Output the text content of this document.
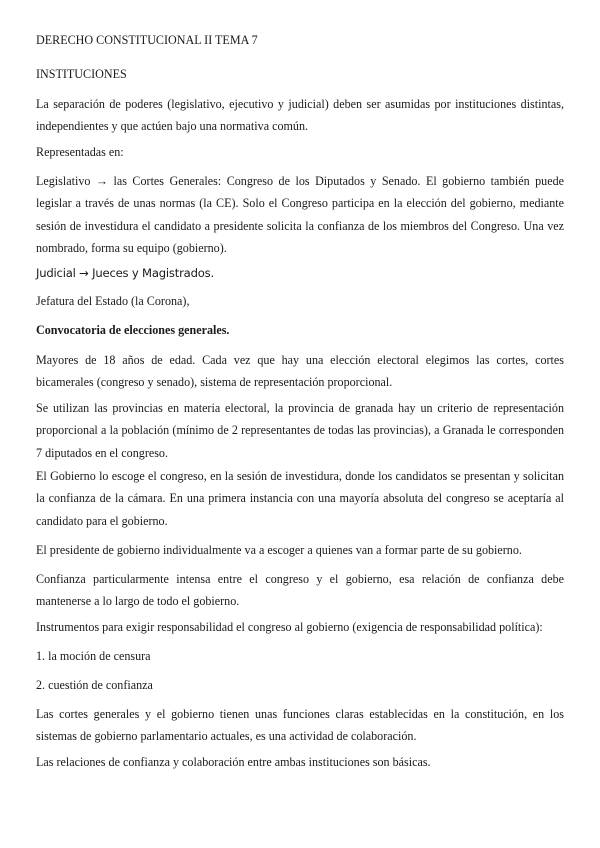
DERECHO CONSTITUCIONAL II TEMA 7

INSTITUCIONES

La separación de poderes (legislativo, ejecutivo y judicial) deben ser asumidas por instituciones distintas, independientes y que actúen bajo una normativa común.

Representadas en:

Legislativo → las Cortes Generales: Congreso de los Diputados y Senado. El gobierno también puede legislar a través de unas normas (la CE). Solo el Congreso participa en la elección del gobierno, mediante sesión de investidura el candidato a presidente solicita la confianza de los miembros del Congreso. Una vez nombrado, forma su equipo (gobierno).

Judicial → Jueces y Magistrados.

Jefatura del Estado (la Corona),

Convocatoria de elecciones generales.

Mayores de 18 años de edad. Cada vez que hay una elección electoral elegimos las cortes, cortes bicamerales (congreso y senado), sistema de representación proporcional.

Se utilizan las provincias en materia electoral, la provincia de granada hay un criterio de representación proporcional a la población (mínimo de 2 representantes de todas las provincias), a Granada le corresponden 7 diputados en el congreso.

El Gobierno lo escoge el congreso, en la sesión de investidura, donde los candidatos se presentan y solicitan la confianza de la cámara. En una primera instancia con una mayoría absoluta del congreso se aceptaría al candidato para el gobierno.

El presidente de gobierno individualmente va a escoger a quienes van a formar parte de su gobierno.

Confianza particularmente intensa entre el congreso y el gobierno, esa relación de confianza debe mantenerse a lo largo de todo el gobierno.

Instrumentos para exigir responsabilidad el congreso al gobierno (exigencia de responsabilidad política):

1. la moción de censura

2. cuestión de confianza

Las cortes generales y el gobierno tienen unas funciones claras establecidas en la constitución, en los sistemas de gobierno parlamentario actuales, es una actividad de colaboración.

Las relaciones de confianza y colaboración entre ambas instituciones son básicas.
